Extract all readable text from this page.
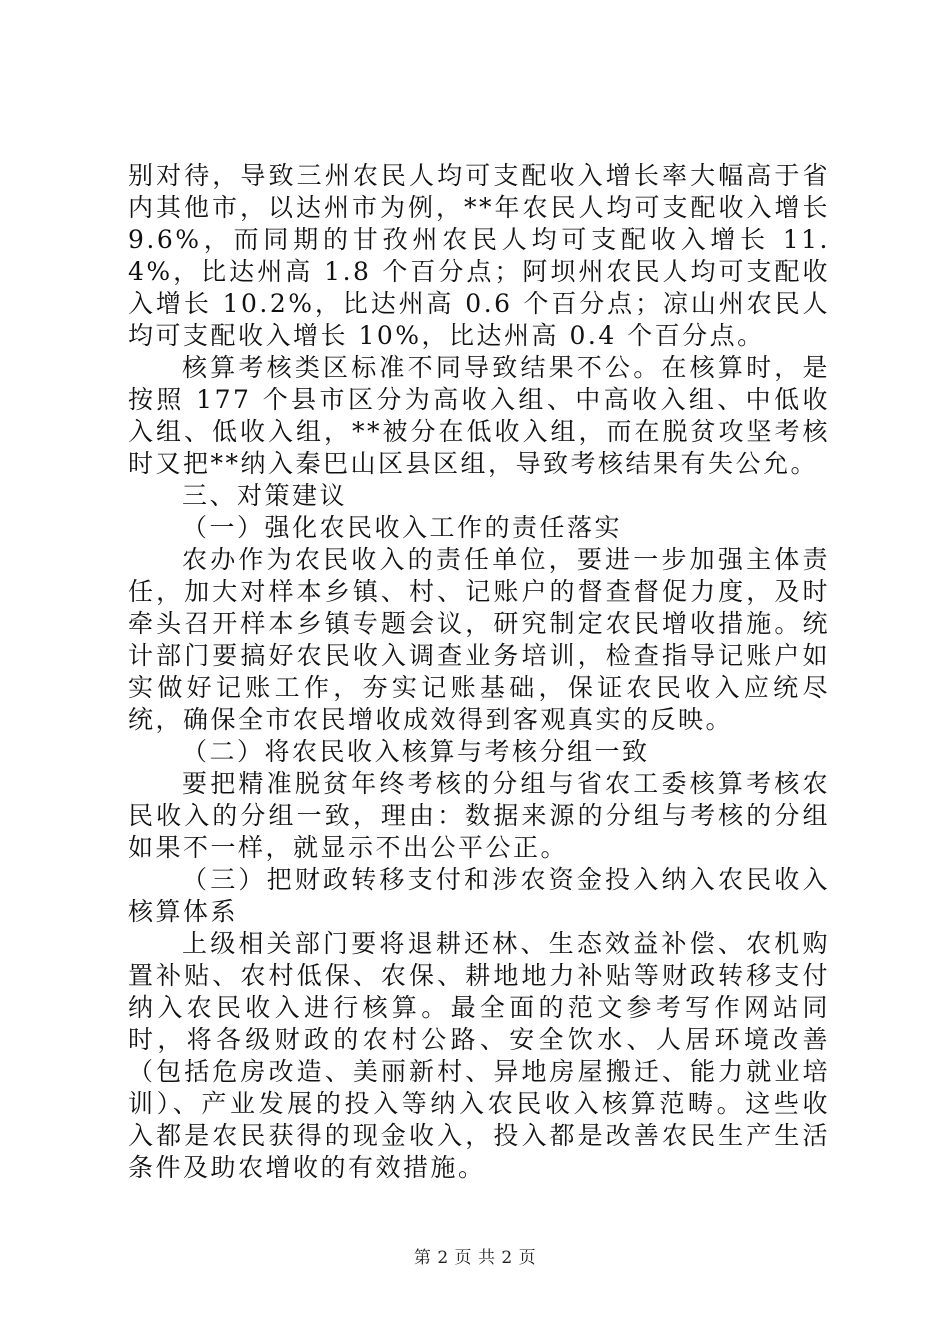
别对待，导致三州农民人均可支配收入增长率大幅高于省内其他市，以达州市为例，**年农民人均可支配收入增长 9.6%，而同期的甘孜州农民人均可支配收入增长 11.4%，比达州高 1.8 个百分点；阿坝州农民人均可支配收入增长 10.2%，比达州高 0.6 个百分点；凉山州农民人均可支配收入增长 10%，比达州高 0.4 个百分点。

核算考核类区标准不同导致结果不公。在核算时，是按照 177 个县市区分为高收入组、中高收入组、中低收入组、低收入组，**被分在低收入组，而在脱贫攻坚考核时又把**纳入秦巴山区县区组，导致考核结果有失公允。

三、对策建议

（一）强化农民收入工作的责任落实

农办作为农民收入的责任单位，要进一步加强主体责任，加大对样本乡镇、村、记账户的督查督促力度，及时牵头召开样本乡镇专题会议，研究制定农民增收措施。统计部门要搞好农民收入调查业务培训，检查指导记账户如实做好记账工作，夯实记账基础，保证农民收入应统尽统，确保全市农民增收成效得到客观真实的反映。

（二）将农民收入核算与考核分组一致

要把精准脱贫年终考核的分组与省农工委核算考核农民收入的分组一致，理由：数据来源的分组与考核的分组如果不一样，就显示不出公平公正。

（三）把财政转移支付和涉农资金投入纳入农民收入核算体系

上级相关部门要将退耕还林、生态效益补偿、农机购置补贴、农村低保、农保、耕地地力补贴等财政转移支付纳入农民收入进行核算。最全面的范文参考写作网站同时，将各级财政的农村公路、安全饮水、人居环境改善（包括危房改造、美丽新村、异地房屋搬迁、能力就业培训）、产业发展的投入等纳入农民收入核算范畴。这些收入都是农民获得的现金收入，投入都是改善农民生产生活条件及助农增收的有效措施。

第 2 页 共 2 页
